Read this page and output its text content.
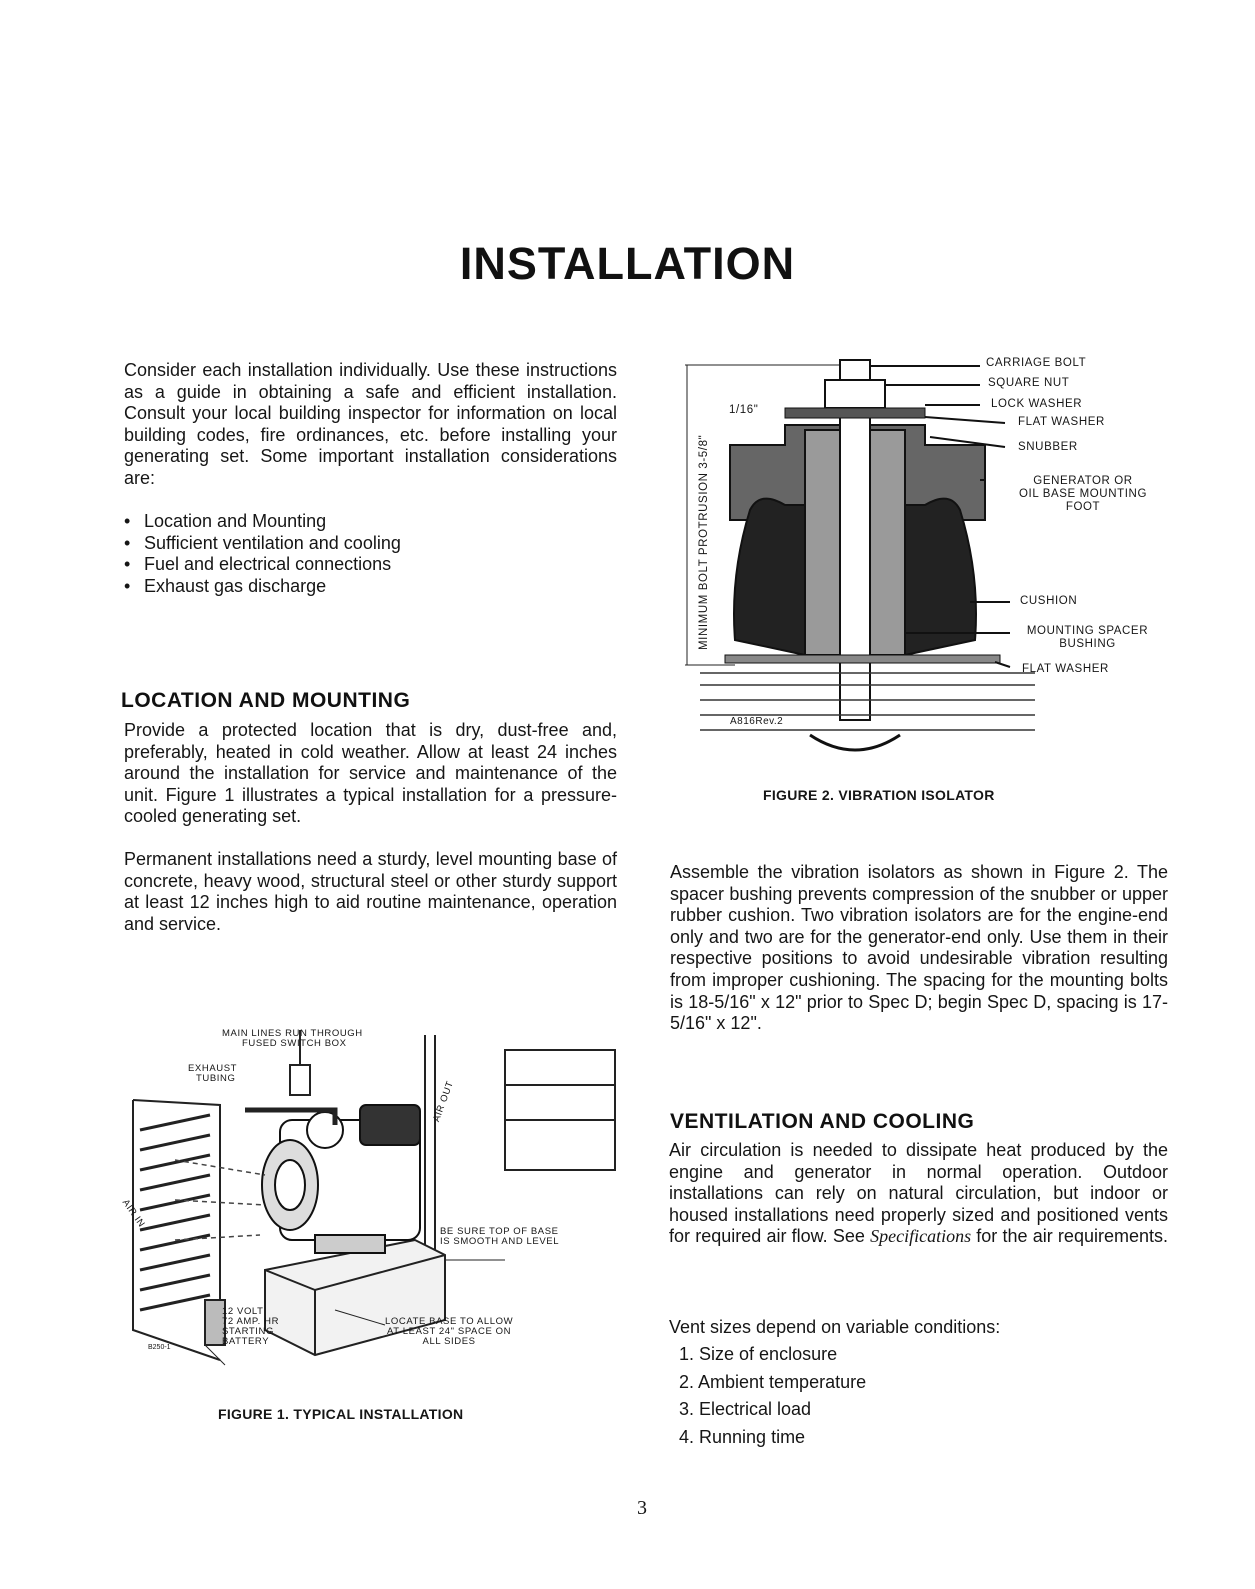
INSTALLATION
Consider each installation individually. Use these instructions as a guide in obtaining a safe and efficient installation. Consult your local building inspector for information on local building codes, fire ordinances, etc. before installing your generating set. Some important installation considerations are:
• Location and Mounting
• Sufficient ventilation and cooling
• Fuel and electrical connections
• Exhaust gas discharge
LOCATION AND MOUNTING
Provide a protected location that is dry, dust-free and, preferably, heated in cold weather. Allow at least 24 inches around the installation for service and maintenance of the unit. Figure 1 illustrates a typical installation for a pressure-cooled generating set.
Permanent installations need a sturdy, level mounting base of concrete, heavy wood, structural steel or other sturdy support at least 12 inches high to aid routine maintenance, operation and service.
MAIN LINES RUN THROUGH
FUSED SWITCH BOX
EXHAUST
TUBING
AIR OUT
AIR IN
BE SURE TOP OF BASE
IS SMOOTH AND LEVEL
12 VOLT
72 AMP. HR
STARTING
BATTERY
LOCATE BASE TO ALLOW
AT LEAST 24" SPACE ON
ALL SIDES
B250-1
FIGURE 1. TYPICAL INSTALLATION
CARRIAGE BOLT
SQUARE NUT
LOCK WASHER
FLAT WASHER
SNUBBER
GENERATOR OR
OIL BASE MOUNTING
FOOT
CUSHION
MOUNTING SPACER
BUSHING
FLAT WASHER
1/16"
MINIMUM BOLT PROTRUSION 3-5/8"
A816Rev.2
FIGURE 2. VIBRATION ISOLATOR
Assemble the vibration isolators as shown in Figure 2. The spacer bushing prevents compression of the snubber or upper rubber cushion. Two vibration isolators are for the engine-end only and two are for the generator-end only. Use them in their respective positions to avoid undesirable vibration resulting from improper cushioning. The spacing for the mounting bolts is 18-5/16" x 12" prior to Spec D; begin Spec D, spacing is 17-5/16" x 12".
VENTILATION AND COOLING
Air circulation is needed to dissipate heat produced by the engine and generator in normal operation. Outdoor installations can rely on natural circulation, but indoor or housed installations need properly sized and positioned vents for required air flow. See Specifications for the air requirements.
Vent sizes depend on variable conditions:
1. Size of enclosure
2. Ambient temperature
3. Electrical load
4. Running time
3
